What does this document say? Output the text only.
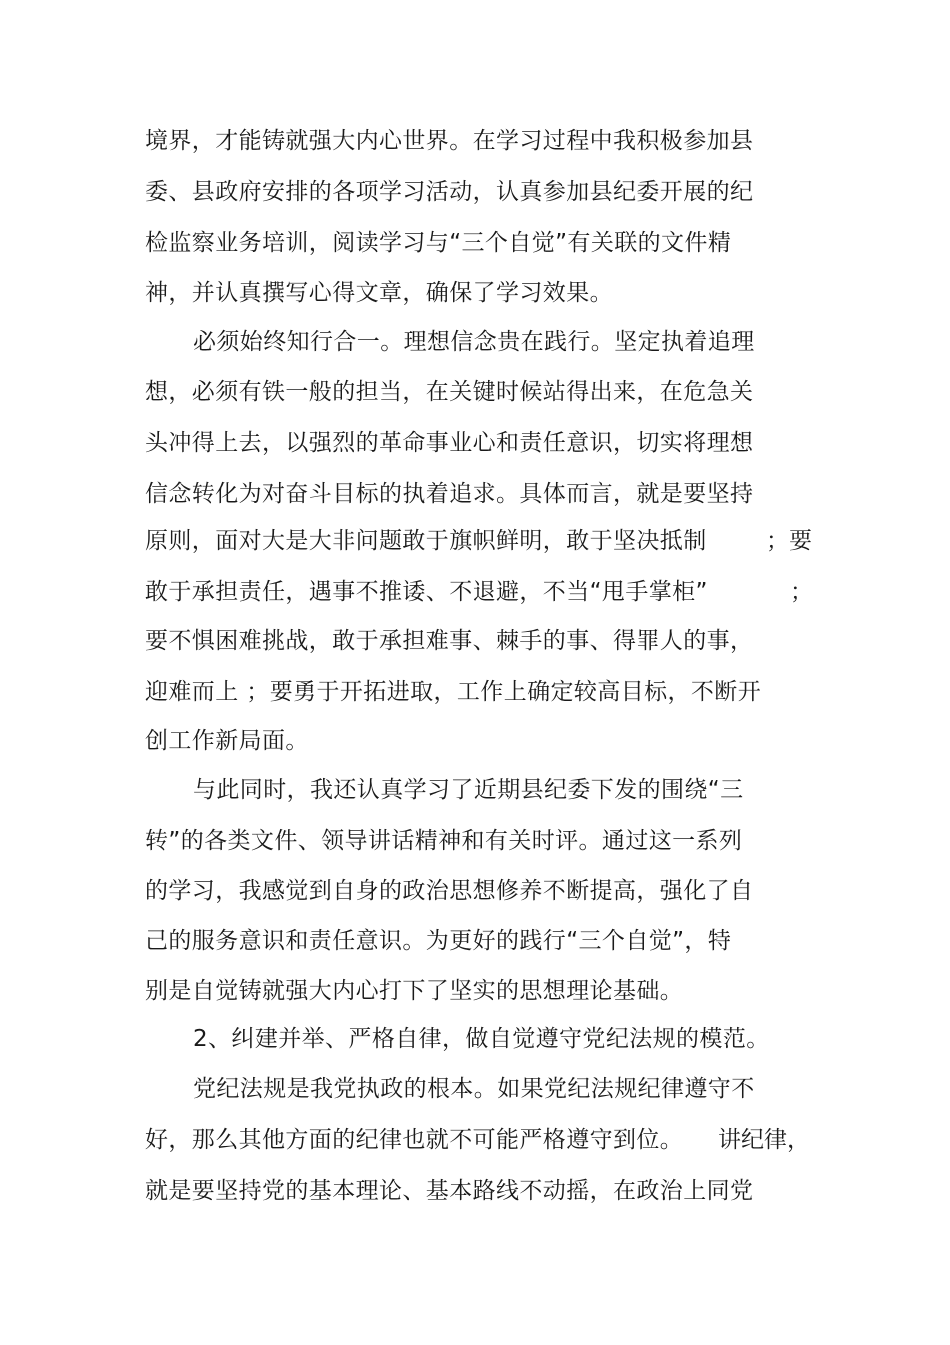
境界，才能铸就强大内心世界。在学习过程中我积极参加县
委、县政府安排的各项学习活动，认真参加县纪委开展的纪
检监察业务培训，阅读学习与“三个自觉”有关联的文件精
神，并认真撰写心得文章，确保了学习效果。
必须始终知行合一。理想信念贵在践行。坚定执着追理
想，必须有铁一般的担当，在关键时候站得出来，在危急关
头冲得上去，以强烈的革命事业心和责任意识，切实将理想
信念转化为对奋斗目标的执着追求。具体而言，就是要坚持
原则，面对大是大非问题敢于旗帜鲜明，敢于坚决抵制	；要
敢于承担责任，遇事不推诿、不退避，不当“甩手掌柜”	；
要不惧困难挑战，敢于承担难事、棘手的事、得罪人的事，
迎难而上 ；要勇于开拓进取，工作上确定较高目标，不断开
创工作新局面。
与此同时，我还认真学习了近期县纪委下发的围绕“三
转”的各类文件、领导讲话精神和有关时评。通过这一系列
的学习，我感觉到自身的政治思想修养不断提高，强化了自
己的服务意识和责任意识。为更好的践行“三个自觉”，特
别是自觉铸就强大内心打下了坚实的思想理论基础。
2、纠建并举、严格自律，做自觉遵守党纪法规的模范。
党纪法规是我党执政的根本。如果党纪法规纪律遵守不
好，那么其他方面的纪律也就不可能严格遵守到位。 讲纪律，
就是要坚持党的基本理论、基本路线不动摇，在政治上同党
